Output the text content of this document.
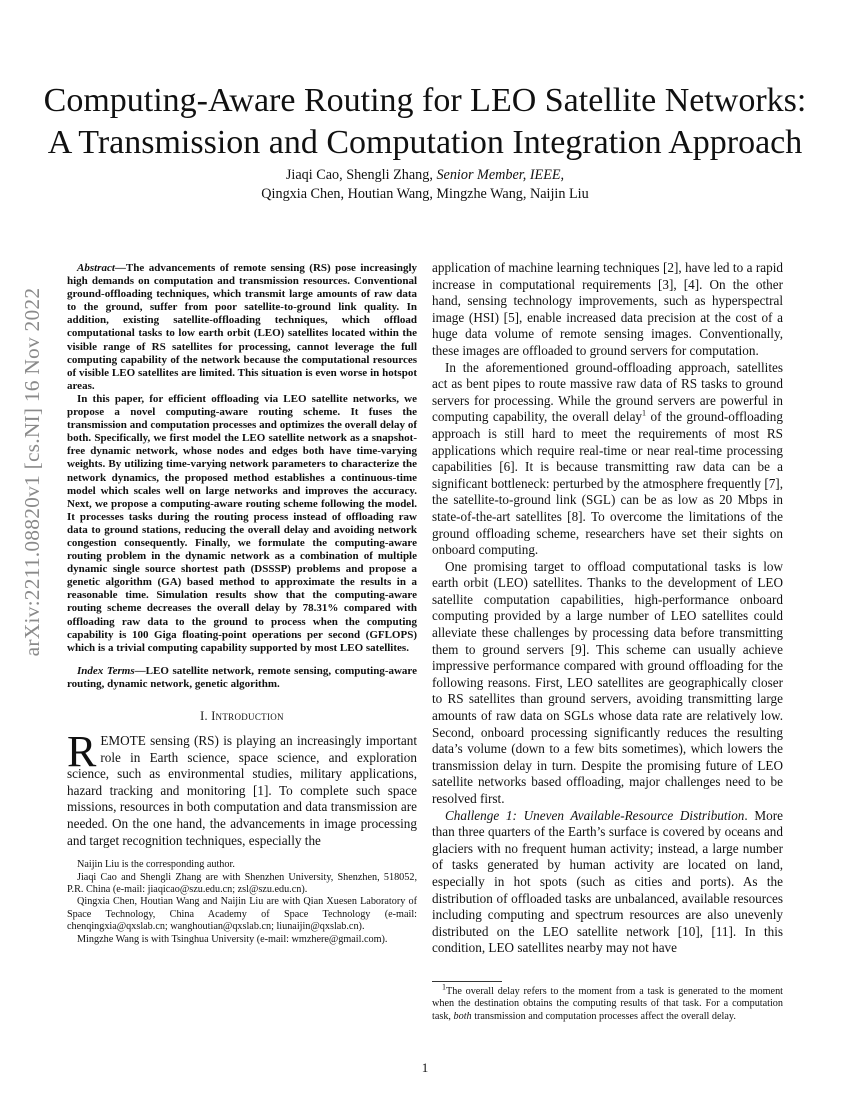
arXiv:2211.08820v1 [cs.NI] 16 Nov 2022
Computing-Aware Routing for LEO Satellite Networks:
A Transmission and Computation Integration Approach
Jiaqi Cao, Shengli Zhang, Senior Member, IEEE,
Qingxia Chen, Houtian Wang, Mingzhe Wang, Naijin Liu

Abstract—The advancements of remote sensing (RS) pose increasingly high demands on computation and transmission resources. Conventional ground-offloading techniques, which transmit large amounts of raw data to the ground, suffer from poor satellite-to-ground link quality. In addition, existing satellite-offloading techniques, which offload computational tasks to low earth orbit (LEO) satellites located within the visible range of RS satellites for processing, cannot leverage the full computing capability of the network because the computational resources of visible LEO satellites are limited. This situation is even worse in hotspot areas.

In this paper, for efficient offloading via LEO satellite networks, we propose a novel computing-aware routing scheme. It fuses the transmission and computation processes and optimizes the overall delay of both. Specifically, we first model the LEO satellite network as a snapshot-free dynamic network, whose nodes and edges both have time-varying weights. By utilizing time-varying network parameters to characterize the network dynamics, the proposed method establishes a continuous-time model which scales well on large networks and improves the accuracy. Next, we propose a computing-aware routing scheme following the model. It processes tasks during the routing process instead of offloading raw data to ground stations, reducing the overall delay and avoiding network congestion consequently. Finally, we formulate the computing-aware routing problem in the dynamic network as a combination of multiple dynamic single source shortest path (DSSSP) problems and propose a genetic algorithm (GA) based method to approximate the results in a reasonable time. Simulation results show that the computing-aware routing scheme decreases the overall delay by 78.31% compared with offloading raw data to the ground to process when the computing capability is 100 Giga floating-point operations per second (GFLOPS) which is a trivial computing capability supported by most LEO satellites.

Index Terms—LEO satellite network, remote sensing, computing-aware routing, dynamic network, genetic algorithm.
I. Introduction

REMOTE sensing (RS) is playing an increasingly important role in Earth science, space science, and exploration science, such as environmental studies, military applications, hazard tracking and monitoring [1]. To complete such space missions, resources in both computation and data transmission are needed. On the one hand, the advancements in image processing and target recognition techniques, especially the

Naijin Liu is the corresponding author.

Jiaqi Cao and Shengli Zhang are with Shenzhen University, Shenzhen, 518052, P.R. China (e-mail: jiaqicao@szu.edu.cn; zsl@szu.edu.cn).

Qingxia Chen, Houtian Wang and Naijin Liu are with Qian Xuesen Laboratory of Space Technology, China Academy of Space Technology (e-mail: chenqingxia@qxslab.cn; wanghoutian@qxslab.cn; liunaijin@qxslab.cn).

Mingzhe Wang is with Tsinghua University (e-mail: wmzhere@gmail.com).

application of machine learning techniques [2], have led to a rapid increase in computational requirements [3], [4]. On the other hand, sensing technology improvements, such as hyperspectral image (HSI) [5], enable increased data precision at the cost of a huge data volume of remote sensing images. Conventionally, these images are offloaded to ground servers for computation.

In the aforementioned ground-offloading approach, satellites act as bent pipes to route massive raw data of RS tasks to ground servers for processing. While the ground servers are powerful in computing capability, the overall delay$^1$ of the ground-offloading approach is still hard to meet the requirements of most RS applications which require real-time or near real-time processing capabilities [6]. It is because transmitting raw data can be a significant bottleneck: perturbed by the atmosphere frequently [7], the satellite-to-ground link (SGL) can be as low as 20 Mbps in state-of-the-art satellites [8]. To overcome the limitations of the ground offloading scheme, researchers have set their sights on onboard computing.

One promising target to offload computational tasks is low earth orbit (LEO) satellites. Thanks to the development of LEO satellite computation capabilities, high-performance onboard computing provided by a large number of LEO satellites could alleviate these challenges by processing data before transmitting them to ground servers [9]. This scheme can usually achieve impressive performance compared with ground offloading for the following reasons. First, LEO satellites are geographically closer to RS satellites than ground servers, avoiding transmitting large amounts of raw data on SGLs whose data rate are relatively low. Second, onboard processing significantly reduces the resulting data’s volume (down to a few bits sometimes), which lowers the transmission delay in turn. Despite the promising future of LEO satellite networks based offloading, major challenges need to be resolved first.

Challenge 1: Uneven Available-Resource Distribution. More than three quarters of the Earth’s surface is covered by oceans and glaciers with no frequent human activity; instead, a large number of tasks generated by human activity are located on land, especially in hot spots (such as cities and ports). As the distribution of offloaded tasks are unbalanced, available resources including computing and spectrum resources are also unevenly distributed on the LEO satellite network [10], [11]. In this condition, LEO satellites nearby may not have

$^1$The overall delay refers to the moment from a task is generated to the moment when the destination obtains the computing results of that task. For a computation task, both transmission and computation processes affect the overall delay.

1
